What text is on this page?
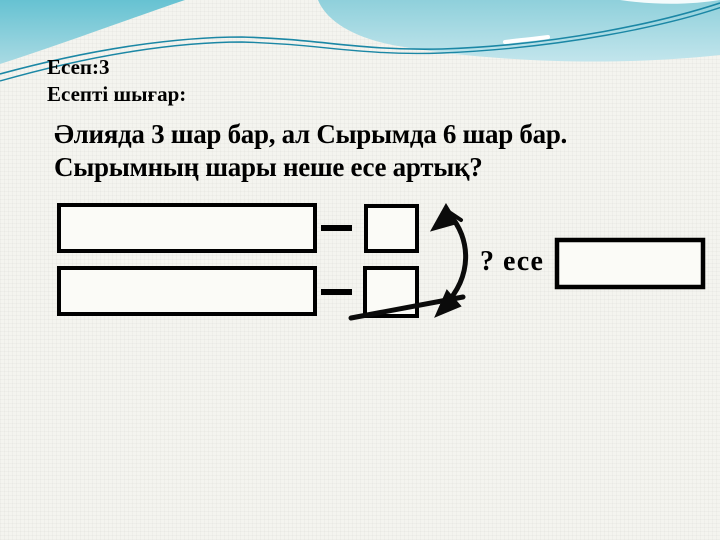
Есеп:3
Есепті шығар:
Әлияда 3 шар бар, ал Сырымда 6 шар бар.
Сырымның шары неше есе артық?
? есе
